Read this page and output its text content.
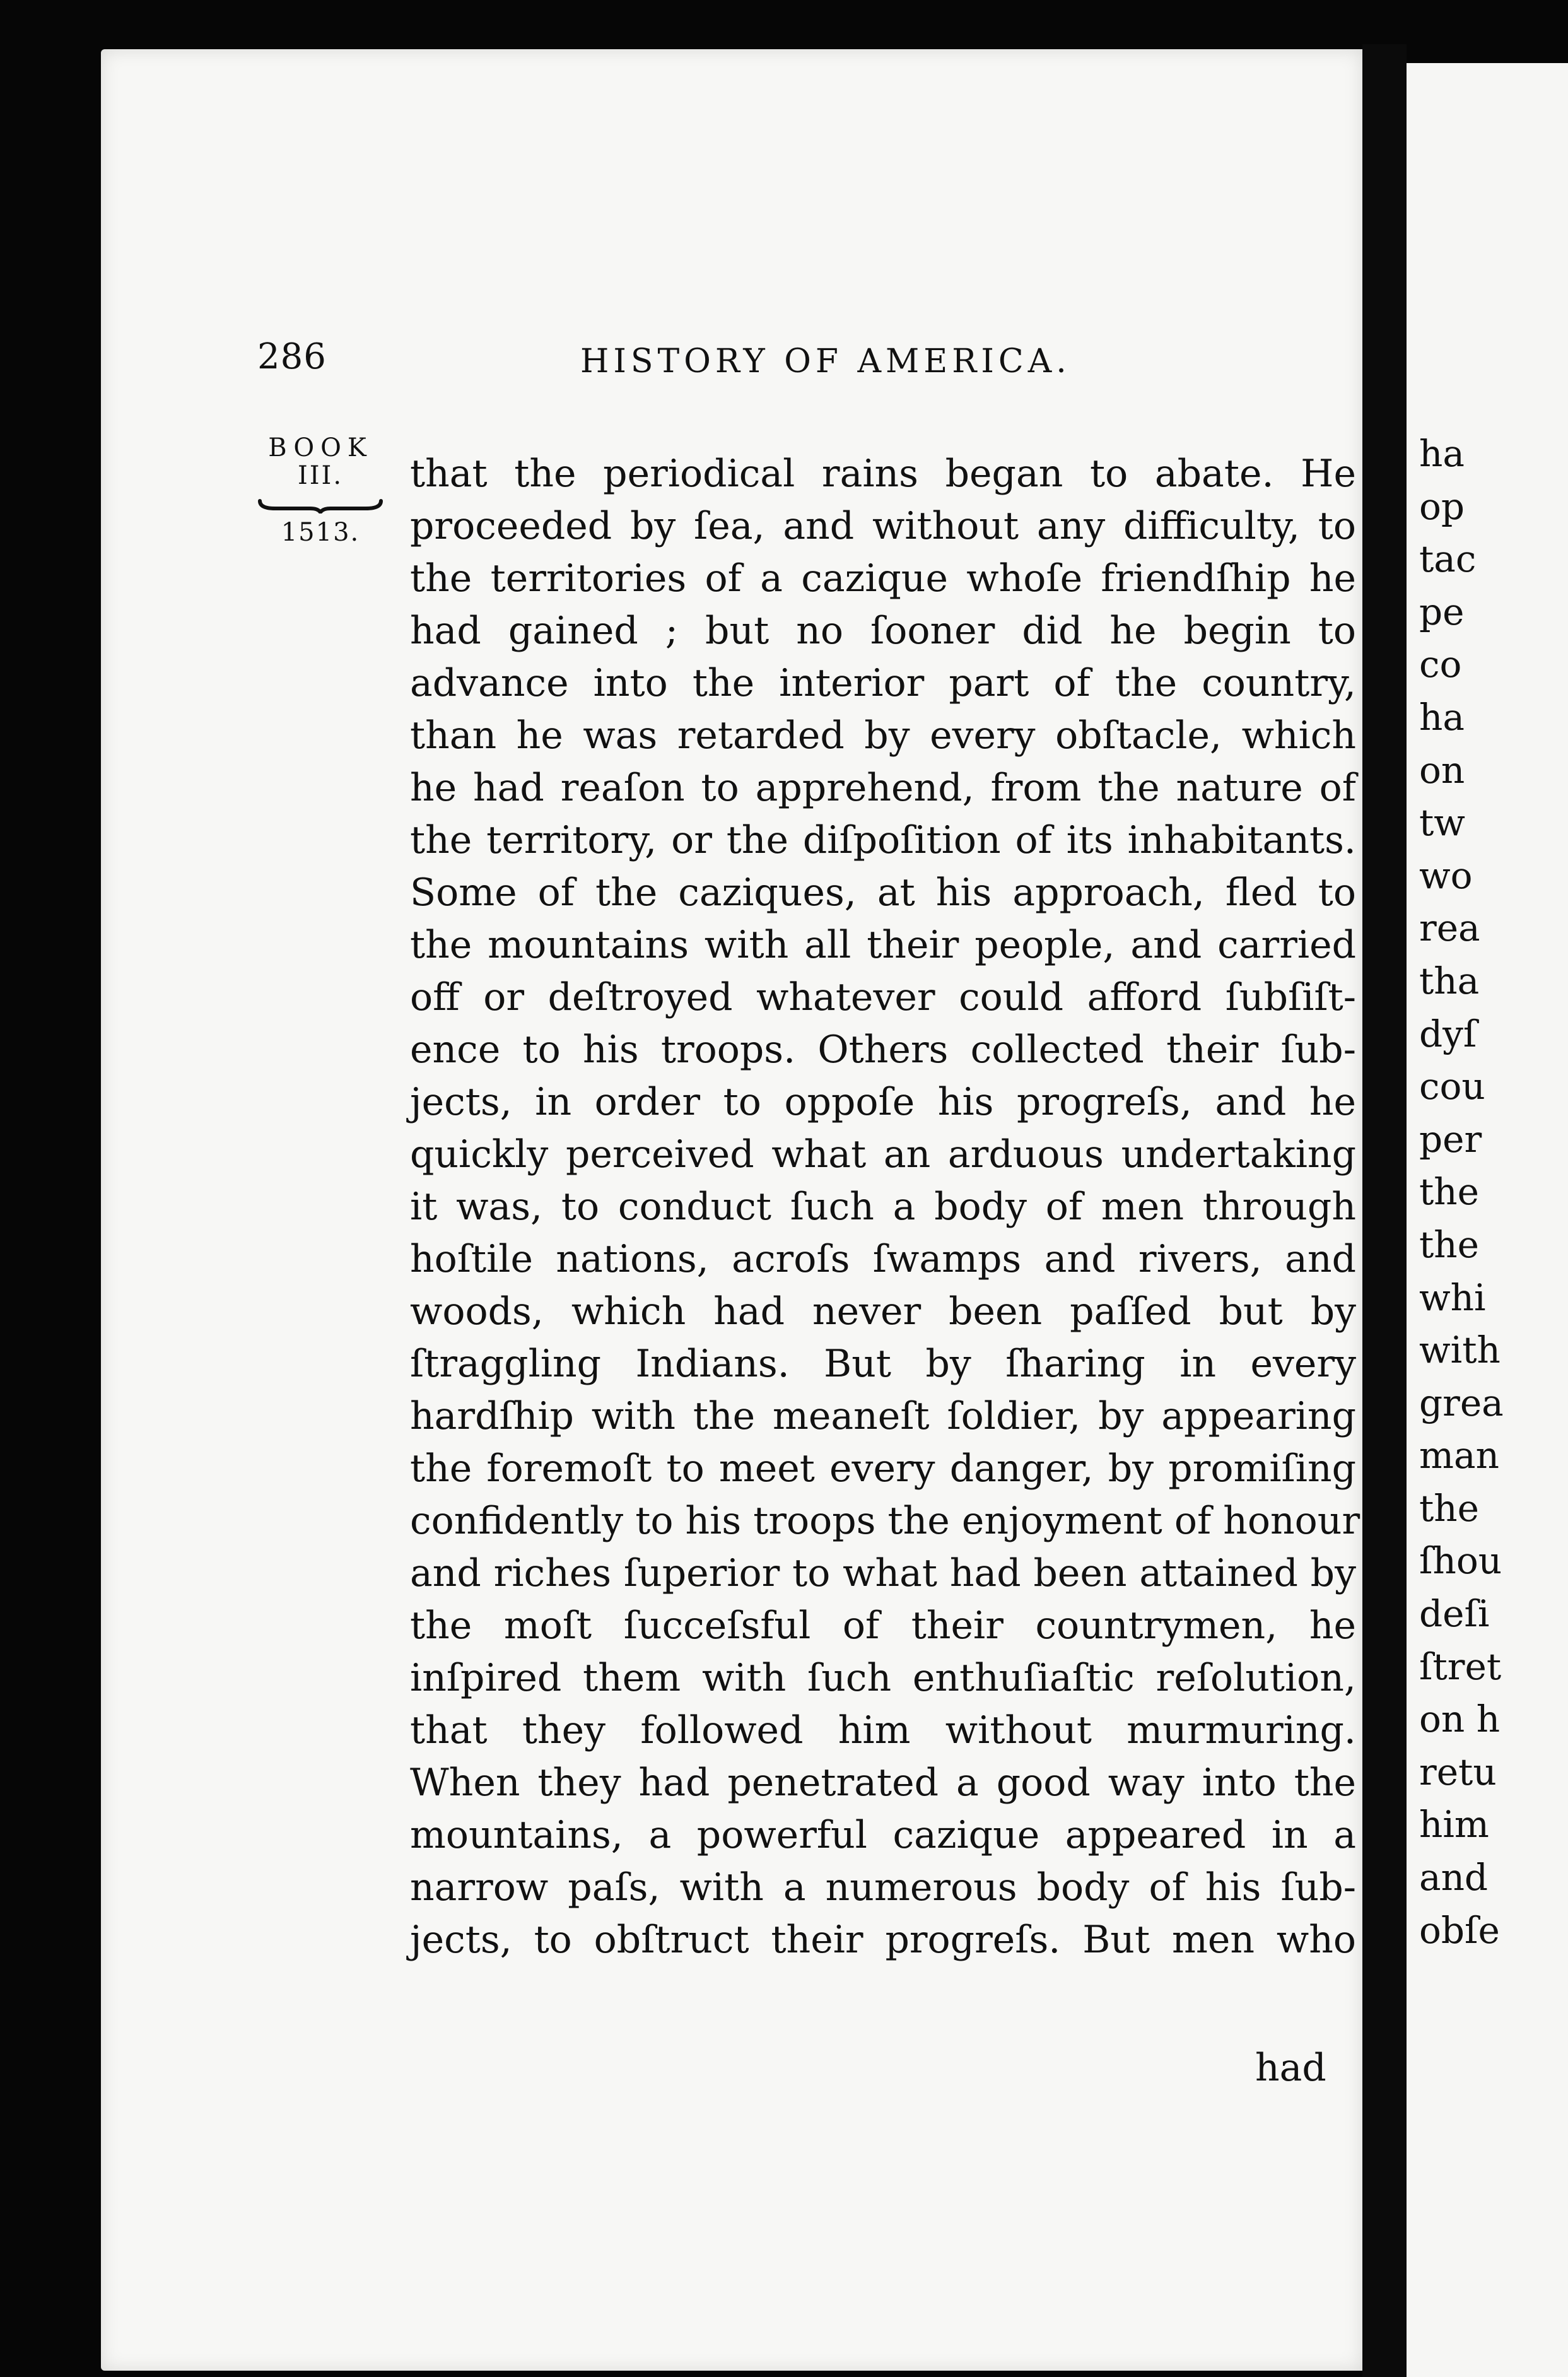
286	HISTORY OF AMERICA.
BOOK
III.
1513.
that the periodical rains began to abate. He
proceeded by ſea, and without any difficulty, to
the territories of a cazique whoſe friendſhip he
had gained ; but no ſooner did he begin to
advance into the interior part of the country,
than he was retarded by every obſtacle, which
he had reaſon to apprehend, from the nature of
the territory, or the diſpoſition of its inhabitants.
Some of the caziques, at his approach, fled to
the mountains with all their people, and carried
off or deſtroyed whatever could afford ſubſiſt-
ence to his troops. Others collected their ſub-
jects, in order to oppoſe his progreſs, and he
quickly perceived what an arduous undertaking
it was, to conduct ſuch a body of men through
hoſtile nations, acroſs ſwamps and rivers, and
woods, which had never been paſſed but by
ſtraggling Indians. But by ſharing in every
hardſhip with the meaneſt ſoldier, by appearing
the foremoſt to meet every danger, by promiſing
confidently to his troops the enjoyment of honour
and riches ſuperior to what had been attained by
the moſt ſucceſsful of their countrymen, he
inſpired them with ſuch enthuſiaſtic reſolution,
that they followed him without murmuring.
When they had penetrated a good way into the
mountains, a powerful cazique appeared in a
narrow paſs, with a numerous body of his ſub-
jects, to obſtruct their progreſs. But men who
had
ha
op
tac
pe
co
ha
on
tw
wo
rea
tha
dyſ
cou
per
the
the
whi
with
grea
man
the
ſhou
deſi
ſtret
on h
retu
him
and
obſe
